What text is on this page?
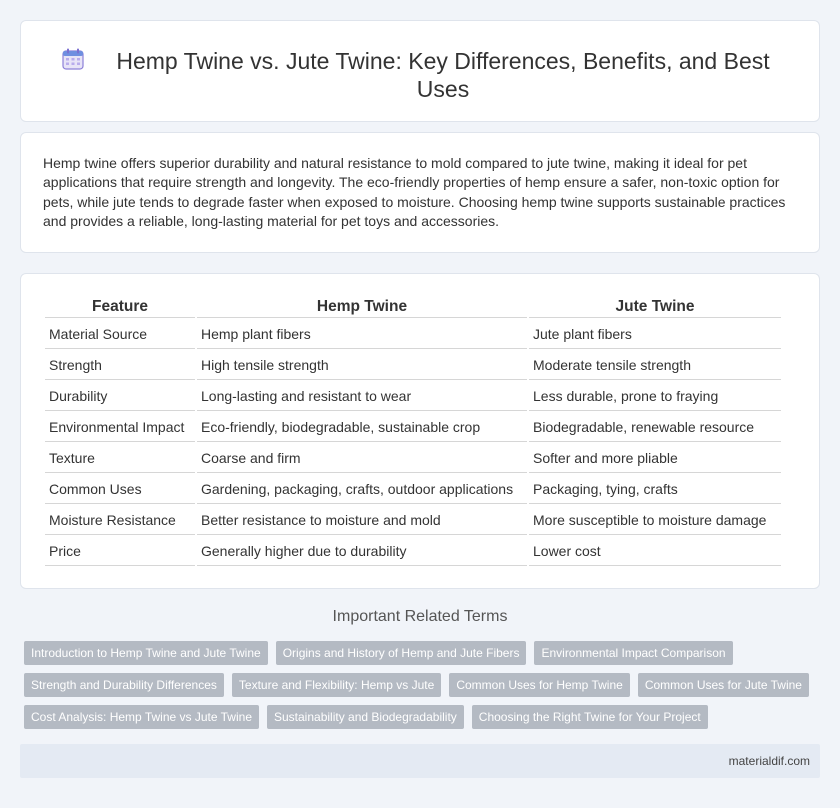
Hemp Twine vs. Jute Twine: Key Differences, Benefits, and Best Uses

Hemp twine offers superior durability and natural resistance to mold compared to jute twine, making it ideal for pet applications that require strength and longevity. The eco-friendly properties of hemp ensure a safer, non-toxic option for pets, while jute tends to degrade faster when exposed to moisture. Choosing hemp twine supports sustainable practices and provides a reliable, long-lasting material for pet toys and accessories.

Feature	Hemp Twine	Jute Twine
Material Source	Hemp plant fibers	Jute plant fibers
Strength	High tensile strength	Moderate tensile strength
Durability	Long-lasting and resistant to wear	Less durable, prone to fraying
Environmental Impact	Eco-friendly, biodegradable, sustainable crop	Biodegradable, renewable resource
Texture	Coarse and firm	Softer and more pliable
Common Uses	Gardening, packaging, crafts, outdoor applications	Packaging, tying, crafts
Moisture Resistance	Better resistance to moisture and mold	More susceptible to moisture damage
Price	Generally higher due to durability	Lower cost
Important Related Terms
Introduction to Hemp Twine and Jute Twine	Origins and History of Hemp and Jute Fibers	Environmental Impact Comparison
Strength and Durability Differences	Texture and Flexibility: Hemp vs Jute	Common Uses for Hemp Twine	Common Uses for Jute Twine
Cost Analysis: Hemp Twine vs Jute Twine	Sustainability and Biodegradability	Choosing the Right Twine for Your Project
materialdif.com
